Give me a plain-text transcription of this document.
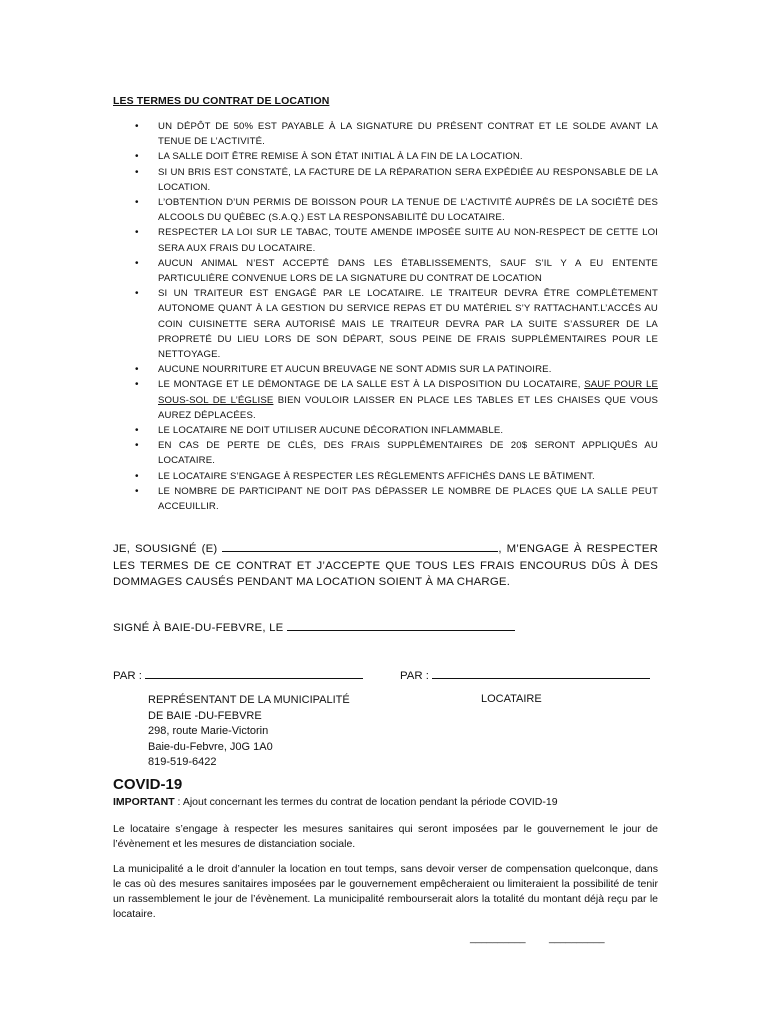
LES TERMES DU CONTRAT DE LOCATION
• UN DÉPÔT DE 50% EST PAYABLE À LA SIGNATURE DU PRÉSENT CONTRAT ET LE SOLDE AVANT LA TENUE DE L’ACTIVITÉ.
• LA SALLE DOIT ÊTRE REMISE À SON ÉTAT INITIAL À LA FIN DE LA LOCATION.
• SI UN BRIS EST CONSTATÉ, LA FACTURE DE LA RÉPARATION SERA EXPÉDIÉE AU RESPONSABLE DE LA LOCATION.
• L’OBTENTION D’UN PERMIS DE BOISSON POUR LA TENUE DE L’ACTIVITÉ AUPRÈS DE LA SOCIÉTÉ DES ALCOOLS DU QUÉBEC (S.A.Q.) EST LA RESPONSABILITÉ DU LOCATAIRE.
• RESPECTER LA LOI SUR LE TABAC, TOUTE AMENDE IMPOSÉE SUITE AU NON-RESPECT DE CETTE LOI SERA AUX FRAIS DU LOCATAIRE.
• AUCUN ANIMAL N’EST ACCEPTÉ DANS LES ÉTABLISSEMENTS, SAUF S’IL Y A EU ENTENTE PARTICULIÈRE CONVENUE LORS DE LA SIGNATURE DU CONTRAT DE LOCATION
• SI UN TRAITEUR EST ENGAGÉ PAR LE LOCATAIRE. LE TRAITEUR DEVRA ÊTRE COMPLÈTEMENT AUTONOME QUANT À LA GESTION DU SERVICE REPAS ET DU MATÉRIEL S’Y RATTACHANT.L’ACCÈS AU COIN CUISINETTE SERA AUTORISÉ MAIS LE TRAITEUR DEVRA PAR LA SUITE S’ASSURER DE LA PROPRETÉ DU LIEU LORS DE SON DÉPART, SOUS PEINE DE FRAIS SUPPLÉMENTAIRES POUR LE NETTOYAGE.
• AUCUNE NOURRITURE ET AUCUN BREUVAGE NE SONT ADMIS SUR LA PATINOIRE.
• LE MONTAGE ET LE DÉMONTAGE DE LA SALLE EST À LA DISPOSITION DU LOCATAIRE, SAUF POUR LE SOUS-SOL DE L’ÉGLISE BIEN VOULOIR LAISSER EN PLACE LES TABLES ET LES CHAISES QUE VOUS AUREZ DÉPLACÉES.
• LE LOCATAIRE NE DOIT UTILISER AUCUNE DÉCORATION INFLAMMABLE.
• EN CAS DE PERTE DE CLÉS, DES FRAIS SUPPLÉMENTAIRES DE 20$ SERONT APPLIQUÉS AU LOCATAIRE.
• LE LOCATAIRE S’ENGAGE À RESPECTER LES RÈGLEMENTS AFFICHÉS DANS LE BÂTIMENT.
• LE NOMBRE DE PARTICIPANT NE DOIT PAS DÉPASSER LE NOMBRE DE PLACES QUE LA SALLE PEUT ACCEUILLIR.
JE, SOUSIGNÉ (E)	, M’ENGAGE À RESPECTER LES TERMES DE CE CONTRAT ET J’ACCEPTE QUE TOUS LES FRAIS ENCOURUS DÛS À DES DOMMAGES CAUSÉS PENDANT MA LOCATION SOIENT À MA CHARGE.
SIGNÉ À BAIE-DU-FEBVRE, LE
PAR :	PAR :
REPRÉSENTANT DE LA MUNICIPALITÉ
DE BAIE -DU-FEBVRE
298, route Marie-Victorin
Baie-du-Febvre, J0G 1A0
819-519-6422
LOCATAIRE
COVID-19
IMPORTANT : Ajout concernant les termes du contrat de location pendant la période COVID-19
Le locataire s’engage à respecter les mesures sanitaires qui seront imposées par le gouvernement le jour de l’évènement et les mesures de distanciation sociale.
La municipalité a le droit d’annuler la location en tout temps, sans devoir verser de compensation quelconque, dans le cas où des mesures sanitaires imposées par le gouvernement empêcheraient ou limiteraient la possibilité de tenir un rassemblement le jour de l’évènement. La municipalité rembourserait alors la totalité du montant déjà reçu par le locataire.
__________ __________
